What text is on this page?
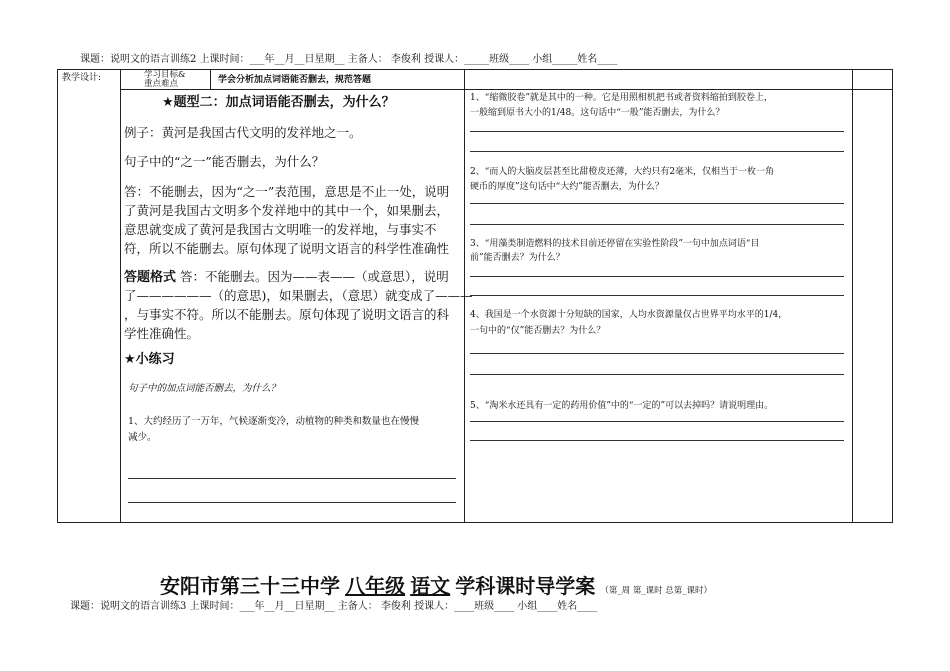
课题：说明文的语言训练2 上课时间：___年__月__日星期__ 主备人： 李俊利 授课人：_____班级____ 小组_____姓名____
教学设计:	学习目标&
重点难点	学会分析加点词语能否删去，规范答题
★题型二：加点词语能否删去，为什么？
例子：黄河是我国古代文明的发祥地之一。
句子中的“之一”能否删去，为什么？
答：不能删去，因为“之一”表范围，意思是不止一处，说明
了黄河是我国古文明多个发祥地中的其中一个，如果删去，
意思就变成了黄河是我国古文明唯一的发祥地，与事实不
符，所以不能删去。原句体现了说明文语言的科学性准确性
答题格式 答：不能删去。因为——表——（或意思），说明
了——————（的意思)，如果删去，（意思）就变成了———
，与事实不符。所以不能删去。原句体现了说明文语言的科
学性准确性。
★小练习
句子中的加点词能否删去，为什么？
1、大约经历了一万年，气候逐渐变冷，动植物的种类和数量也在慢慢
减少。
1、“缩微胶卷”就是其中的一种。它是用照相机把书或者资料缩拍到胶卷上，
一般缩到原书大小的1/48。这句话中“一般”能否删去，为什么？
2、“而人的大脑皮层甚至比甜橙皮还薄，大约只有2毫米，仅相当于一枚一角
硬币的厚度”这句话中“大约”能否删去，为什么？
3、“用藻类制造燃料的技术目前还停留在实验性阶段”一句中加点词语“目
前”能否删去？为什么？
4、我国是一个水资源十分短缺的国家，人均水资源量仅占世界平均水平的1/4，
一句中的“仅”能否删去？为什么？
5、“淘米水还具有一定的药用价值”中的“一定的”可以去掉吗？请说明理由。
安阳市第三十三中学 八年级 语文 学科课时导学案 （第_周 第_课时 总第_课时）
课题：说明文的语言训练3 上课时间：___年__月__日星期__ 主备人： 李俊利 授课人：____班级____ 小组____姓名____
